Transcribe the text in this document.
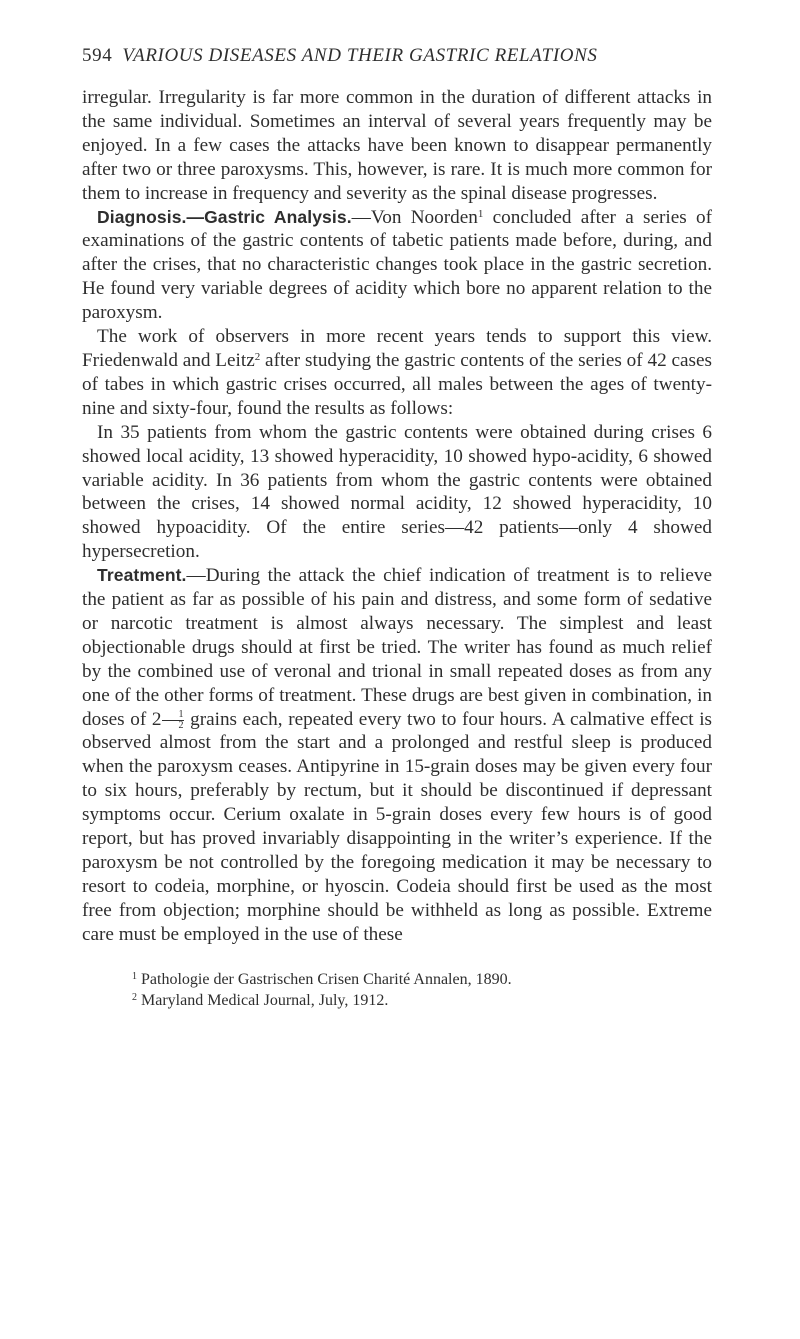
594 VARIOUS DISEASES AND THEIR GASTRIC RELATIONS

irregular. Irregularity is far more common in the duration of different attacks in the same individual. Sometimes an interval of several years frequently may be enjoyed. In a few cases the attacks have been known to disappear permanently after two or three paroxysms. This, however, is rare. It is much more common for them to increase in frequency and severity as the spinal disease progresses.

Diagnosis.—Gastric Analysis.—Von Noorden$^1$ concluded after a series of examinations of the gastric contents of tabetic patients made before, during, and after the crises, that no characteristic changes took place in the gastric secretion. He found very variable degrees of acidity which bore no apparent relation to the paroxysm.

The work of observers in more recent years tends to support this view. Friedenwald and Leitz$^2$ after studying the gastric contents of the series of 42 cases of tabes in which gastric crises occurred, all males between the ages of twenty-nine and sixty-four, found the results as follows:

In 35 patients from whom the gastric contents were obtained during crises 6 showed local acidity, 13 showed hyperacidity, 10 showed hypo-acidity, 6 showed variable acidity. In 36 patients from whom the gastric contents were obtained between the crises, 14 showed normal acidity, 12 showed hyperacidity, 10 showed hypoacidity. Of the entire series—42 patients—only 4 showed hypersecretion.

Treatment.—During the attack the chief indication of treatment is to relieve the patient as far as possible of his pain and distress, and some form of sedative or narcotic treatment is almost always necessary. The simplest and least objectionable drugs should at first be tried. The writer has found as much relief by the combined use of veronal and trional in small repeated doses as from any one of the other forms of treatment. These drugs are best given in combination, in doses of $2 \frac{1}{2}$ grains each, repeated every two to four hours. A calmative effect is observed almost from the start and a prolonged and restful sleep is produced when the paroxysm ceases. Antipyrine in 15-grain doses may be given every four to six hours, preferably by rectum, but it should be discontinued if depressant symptoms occur. Cerium oxalate in 5-grain doses every few hours is of good report, but has proved invariably disappointing in the writer’s experience. If the paroxysm be not controlled by the foregoing medication it may be necessary to resort to codeia, morphine, or hyoscin. Codeia should first be used as the most free from objection; morphine should be withheld as long as possible. Extreme care must be employed in the use of these

$^1$ Pathologie der Gastrischen Crisen Charité Annalen, 1890.
$^2$ Maryland Medical Journal, July, 1912.
